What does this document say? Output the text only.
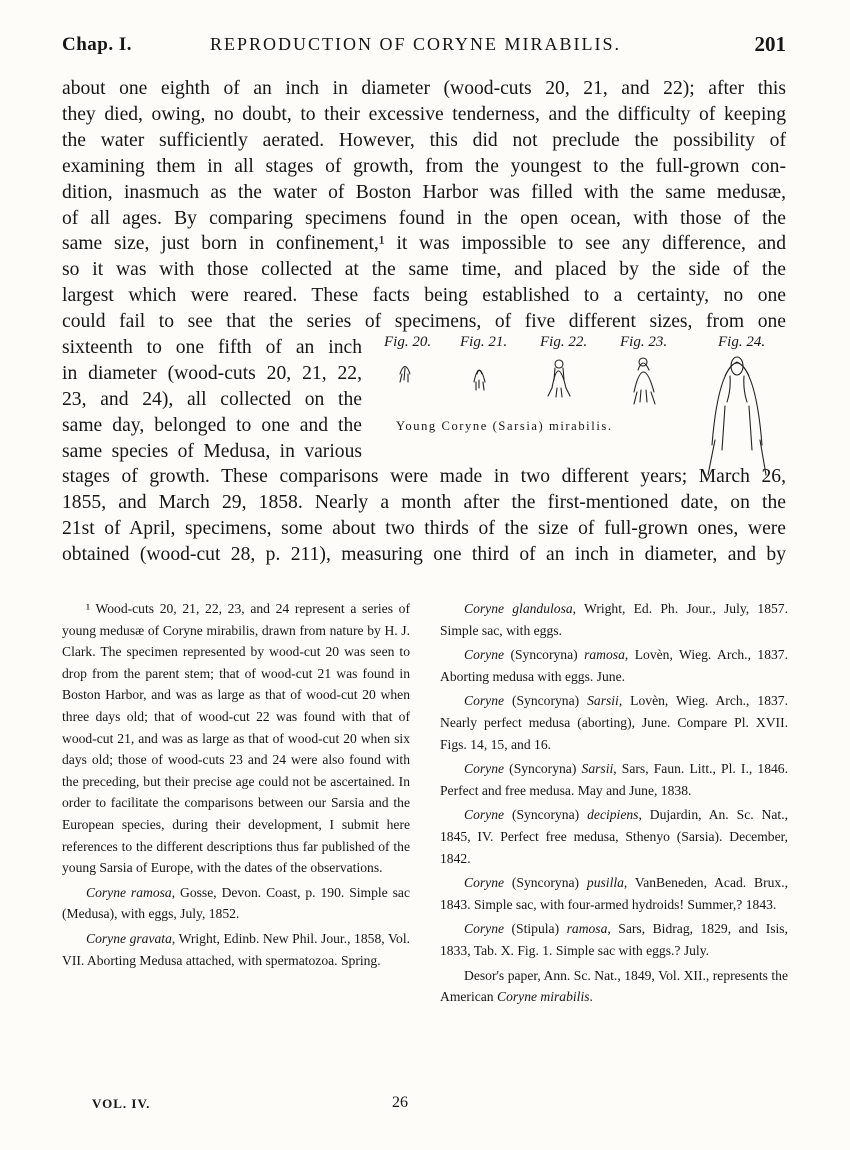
Chap. I.	REPRODUCTION OF CORYNE MIRABILIS.	201
about one eighth of an inch in diameter (wood-cuts 20, 21, and 22); after this
they died, owing, no doubt, to their excessive tenderness, and the difficulty of keeping
the water sufficiently aerated. However, this did not preclude the possibility of
examining them in all stages of growth, from the youngest to the full-grown con-
dition, inasmuch as the water of Boston Harbor was filled with the same medusæ,
of all ages. By comparing specimens found in the open ocean, with those of the
same size, just born in confinement,¹ it was impossible to see any difference, and
so it was with those collected at the same time, and placed by the side of the
largest which were reared. These facts being established to a certainty, no one
could fail to see that the series of specimens, of five different sizes, from one
sixteenth to one fifth of an inch
in diameter (wood-cuts 20, 21, 22,
23, and 24), all collected on the
same day, belonged to one and the
same species of Medusa, in various
Fig. 20. Fig. 21. Fig. 22. Fig. 23.	Fig. 24.
Young Coryne (Sarsia) mirabilis.
stages of growth. These comparisons were made in two different years; March 26,
1855, and March 29, 1858. Nearly a month after the first-mentioned date, on the
21st of April, specimens, some about two thirds of the size of full-grown ones, were
obtained (wood-cut 28, p. 211), measuring one third of an inch in diameter, and by

¹ Wood-cuts 20, 21, 22, 23, and 24 represent a series of young medusæ of Coryne mirabilis, drawn from nature by H. J. Clark. The specimen represented by wood-cut 20 was seen to drop from the parent stem; that of wood-cut 21 was found in Boston Harbor, and was as large as that of wood-cut 20 when three days old; that of wood-cut 22 was found with that of wood-cut 21, and was as large as that of wood-cut 20 when six days old; those of wood-cuts 23 and 24 were also found with the preceding, but their precise age could not be ascertained. In order to facilitate the comparisons between our Sarsia and the European species, during their development, I submit here references to the different descriptions thus far published of the young Sarsia of Europe, with the dates of the observations.

Coryne ramosa, Gosse, Devon. Coast, p. 190. Simple sac (Medusa), with eggs, July, 1852.

Coryne gravata, Wright, Edinb. New Phil. Jour., 1858, Vol. VII. Aborting Medusa attached, with spermatozoa. Spring.

Coryne glandulosa, Wright, Ed. Ph. Jour., July, 1857. Simple sac, with eggs.

Coryne (Syncoryna) ramosa, Lovèn, Wieg. Arch., 1837. Aborting medusa with eggs. June.

Coryne (Syncoryna) Sarsii, Lovèn, Wieg. Arch., 1837. Nearly perfect medusa (aborting), June. Compare Pl. XVII. Figs. 14, 15, and 16.

Coryne (Syncoryna) Sarsii, Sars, Faun. Litt., Pl. I., 1846. Perfect and free medusa. May and June, 1838.

Coryne (Syncoryna) decipiens, Dujardin, An. Sc. Nat., 1845, IV. Perfect free medusa, Sthenyo (Sarsia). December, 1842.

Coryne (Syncoryna) pusilla, VanBeneden, Acad. Brux., 1843. Simple sac, with four-armed hydroids! Summer,? 1843.

Coryne (Stipula) ramosa, Sars, Bidrag, 1829, and Isis, 1833, Tab. X. Fig. 1. Simple sac with eggs.? July.

Desor's paper, Ann. Sc. Nat., 1849, Vol. XII., represents the American Coryne mirabilis.

VOL. IV.	26
